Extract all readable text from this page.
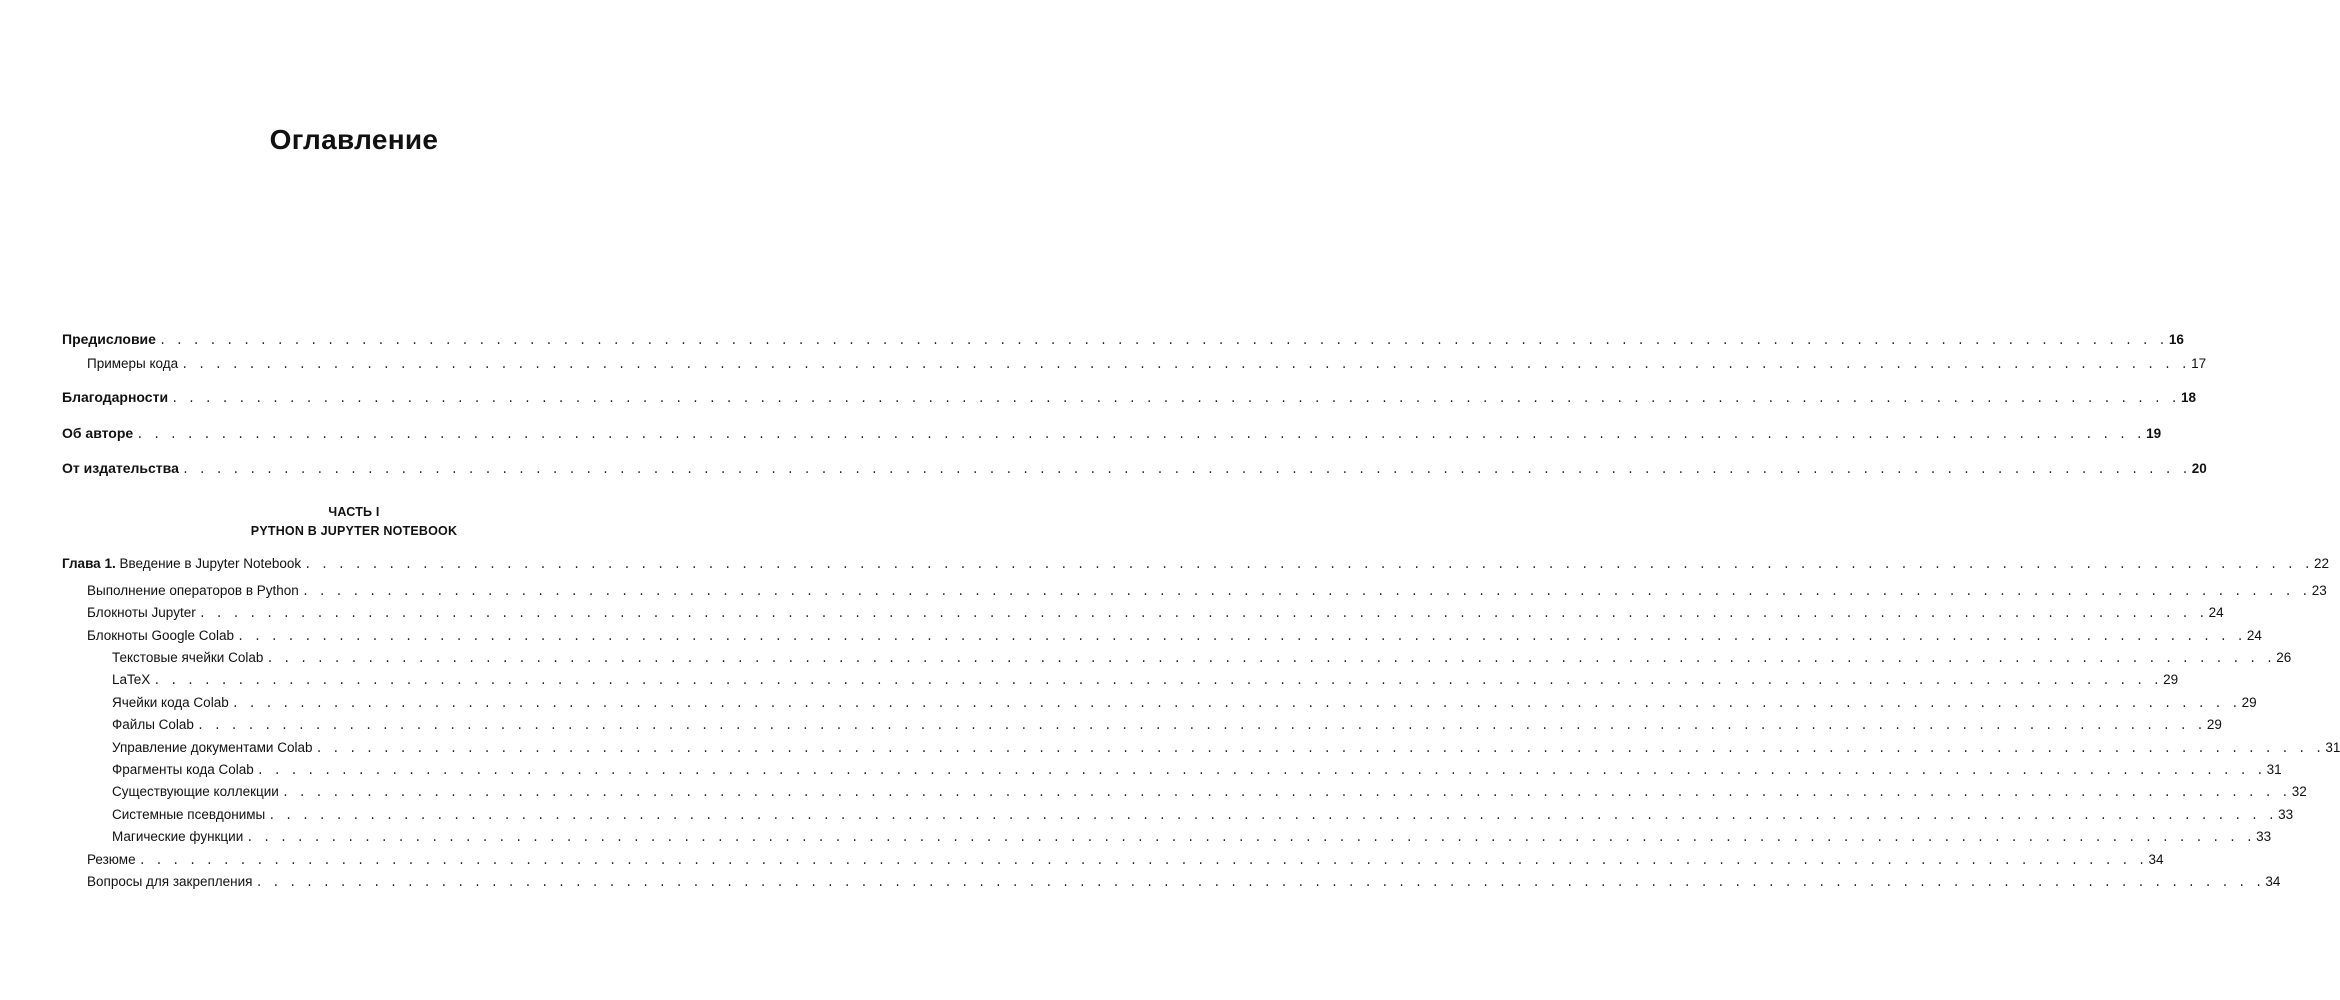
Оглавление
Предисловие . . . . . . . . . . . . . . . . . . . . . . . . . . . . . . . . . . . . . . . . . . . . . . . . . . . . . . . . . . . . . . . . . . . . . . . . . . . . . . . . . . . . . . . . . . . . . . . . . . . . . . . . . . . . . . . . . . . . . . . . 16
Примеры кода . . . . . . . . . . . . . . . . . . . . . . . . . . . . . . . . . . . . . . . . . . . . . . . . . . . . . . . . . . . . . . . . . . . . . . . . . . . . . . . . . . . . . . . . . . . . . . . . . . . . . . . . . . . . . . . . . . . . . . . . 17
Благодарности . . . . . . . . . . . . . . . . . . . . . . . . . . . . . . . . . . . . . . . . . . . . . . . . . . . . . . . . . . . . . . . . . . . . . . . . . . . . . . . . . . . . . . . . . . . . . . . . . . . . . . . . . . . . . . . . . . . . . . . . 18
Об авторе . . . . . . . . . . . . . . . . . . . . . . . . . . . . . . . . . . . . . . . . . . . . . . . . . . . . . . . . . . . . . . . . . . . . . . . . . . . . . . . . . . . . . . . . . . . . . . . . . . . . . . . . . . . . . . . . . . . . . . . . 19
От издательства . . . . . . . . . . . . . . . . . . . . . . . . . . . . . . . . . . . . . . . . . . . . . . . . . . . . . . . . . . . . . . . . . . . . . . . . . . . . . . . . . . . . . . . . . . . . . . . . . . . . . . . . . . . . . . . . . . . . . . . . 20
Глава 1. Введение в Jupyter Notebook . . . . . . . . . . . . . . . . . . . . . . . . . . . . . . . . . . . . . . . . . . . . . . . . . . . . . . . . . . . . . . . . . . . . . . . . . . . . . . . . . . . . . . . . . . . . . . . . . . . . . . . . . . . . . . . . . . . . . . . . 22
Выполнение операторов в Python . . . . . . . . . . . . . . . . . . . . . . . . . . . . . . . . . . . . . . . . . . . . . . . . . . . . . . . . . . . . . . . . . . . . . . . . . . . . . . . . . . . . . . . . . . . . . . . . . . . . . . . . . . . . . . . . . . . . . . . . 23
Блокноты Jupyter . . . . . . . . . . . . . . . . . . . . . . . . . . . . . . . . . . . . . . . . . . . . . . . . . . . . . . . . . . . . . . . . . . . . . . . . . . . . . . . . . . . . . . . . . . . . . . . . . . . . . . . . . . . . . . . . . . . . . . . . 24
Блокноты Google Colab . . . . . . . . . . . . . . . . . . . . . . . . . . . . . . . . . . . . . . . . . . . . . . . . . . . . . . . . . . . . . . . . . . . . . . . . . . . . . . . . . . . . . . . . . . . . . . . . . . . . . . . . . . . . . . . . . . . . . . . . 24
Текстовые ячейки Colab . . . . . . . . . . . . . . . . . . . . . . . . . . . . . . . . . . . . . . . . . . . . . . . . . . . . . . . . . . . . . . . . . . . . . . . . . . . . . . . . . . . . . . . . . . . . . . . . . . . . . . . . . . . . . . . . . . . . . . . . 26
LaTeX . . . . . . . . . . . . . . . . . . . . . . . . . . . . . . . . . . . . . . . . . . . . . . . . . . . . . . . . . . . . . . . . . . . . . . . . . . . . . . . . . . . . . . . . . . . . . . . . . . . . . . . . . . . . . . . . . . . . . . . . 29
Ячейки кода Colab . . . . . . . . . . . . . . . . . . . . . . . . . . . . . . . . . . . . . . . . . . . . . . . . . . . . . . . . . . . . . . . . . . . . . . . . . . . . . . . . . . . . . . . . . . . . . . . . . . . . . . . . . . . . . . . . . . . . . . . . 29
Файлы Colab . . . . . . . . . . . . . . . . . . . . . . . . . . . . . . . . . . . . . . . . . . . . . . . . . . . . . . . . . . . . . . . . . . . . . . . . . . . . . . . . . . . . . . . . . . . . . . . . . . . . . . . . . . . . . . . . . . . . . . . . 29
Управление документами Colab . . . . . . . . . . . . . . . . . . . . . . . . . . . . . . . . . . . . . . . . . . . . . . . . . . . . . . . . . . . . . . . . . . . . . . . . . . . . . . . . . . . . . . . . . . . . . . . . . . . . . . . . . . . . . . . . . . . . . . . . 31
Фрагменты кода Colab . . . . . . . . . . . . . . . . . . . . . . . . . . . . . . . . . . . . . . . . . . . . . . . . . . . . . . . . . . . . . . . . . . . . . . . . . . . . . . . . . . . . . . . . . . . . . . . . . . . . . . . . . . . . . . . . . . . . . . . . 31
Существующие коллекции . . . . . . . . . . . . . . . . . . . . . . . . . . . . . . . . . . . . . . . . . . . . . . . . . . . . . . . . . . . . . . . . . . . . . . . . . . . . . . . . . . . . . . . . . . . . . . . . . . . . . . . . . . . . . . . . . . . . . . . . 32
Системные псевдонимы . . . . . . . . . . . . . . . . . . . . . . . . . . . . . . . . . . . . . . . . . . . . . . . . . . . . . . . . . . . . . . . . . . . . . . . . . . . . . . . . . . . . . . . . . . . . . . . . . . . . . . . . . . . . . . . . . . . . . . . . 33
Магические функции . . . . . . . . . . . . . . . . . . . . . . . . . . . . . . . . . . . . . . . . . . . . . . . . . . . . . . . . . . . . . . . . . . . . . . . . . . . . . . . . . . . . . . . . . . . . . . . . . . . . . . . . . . . . . . . . . . . . . . . . 33
Резюме . . . . . . . . . . . . . . . . . . . . . . . . . . . . . . . . . . . . . . . . . . . . . . . . . . . . . . . . . . . . . . . . . . . . . . . . . . . . . . . . . . . . . . . . . . . . . . . . . . . . . . . . . . . . . . . . . . . . . . . . 34
Вопросы для закрепления . . . . . . . . . . . . . . . . . . . . . . . . . . . . . . . . . . . . . . . . . . . . . . . . . . . . . . . . . . . . . . . . . . . . . . . . . . . . . . . . . . . . . . . . . . . . . . . . . . . . . . . . . . . . . . . . . . . . . . . . 34
ЧАСТЬ I
PYTHON В JUPYTER NOTEBOOK
